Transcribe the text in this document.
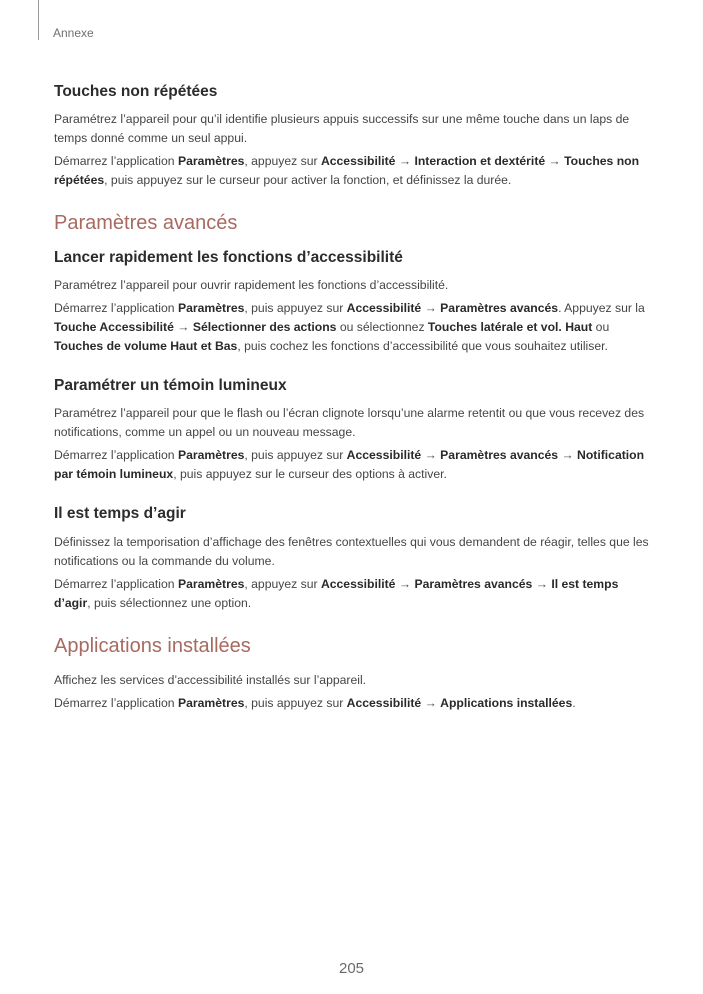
Annexe
Touches non répétées

Paramétrez l’appareil pour qu’il identifie plusieurs appuis successifs sur une même touche dans un laps de temps donné comme un seul appui.

Démarrez l’application Paramètres, appuyez sur Accessibilité → Interaction et dextérité → Touches non répétées, puis appuyez sur le curseur pour activer la fonction, et définissez la durée.

Paramètres avancés
Lancer rapidement les fonctions d’accessibilité

Paramétrez l’appareil pour ouvrir rapidement les fonctions d’accessibilité.

Démarrez l’application Paramètres, puis appuyez sur Accessibilité → Paramètres avancés. Appuyez sur la Touche Accessibilité → Sélectionner des actions ou sélectionnez Touches latérale et vol. Haut ou Touches de volume Haut et Bas, puis cochez les fonctions d’accessibilité que vous souhaitez utiliser.

Paramétrer un témoin lumineux

Paramétrez l’appareil pour que le flash ou l’écran clignote lorsqu’une alarme retentit ou que vous recevez des notifications, comme un appel ou un nouveau message.

Démarrez l’application Paramètres, puis appuyez sur Accessibilité → Paramètres avancés → Notification par témoin lumineux, puis appuyez sur le curseur des options à activer.

Il est temps d’agir

Définissez la temporisation d’affichage des fenêtres contextuelles qui vous demandent de réagir, telles que les notifications ou la commande du volume.

Démarrez l’application Paramètres, appuyez sur Accessibilité → Paramètres avancés → Il est temps d’agir, puis sélectionnez une option.

Applications installées

Affichez les services d’accessibilité installés sur l’appareil.

Démarrez l’application Paramètres, puis appuyez sur Accessibilité → Applications installées.

205
